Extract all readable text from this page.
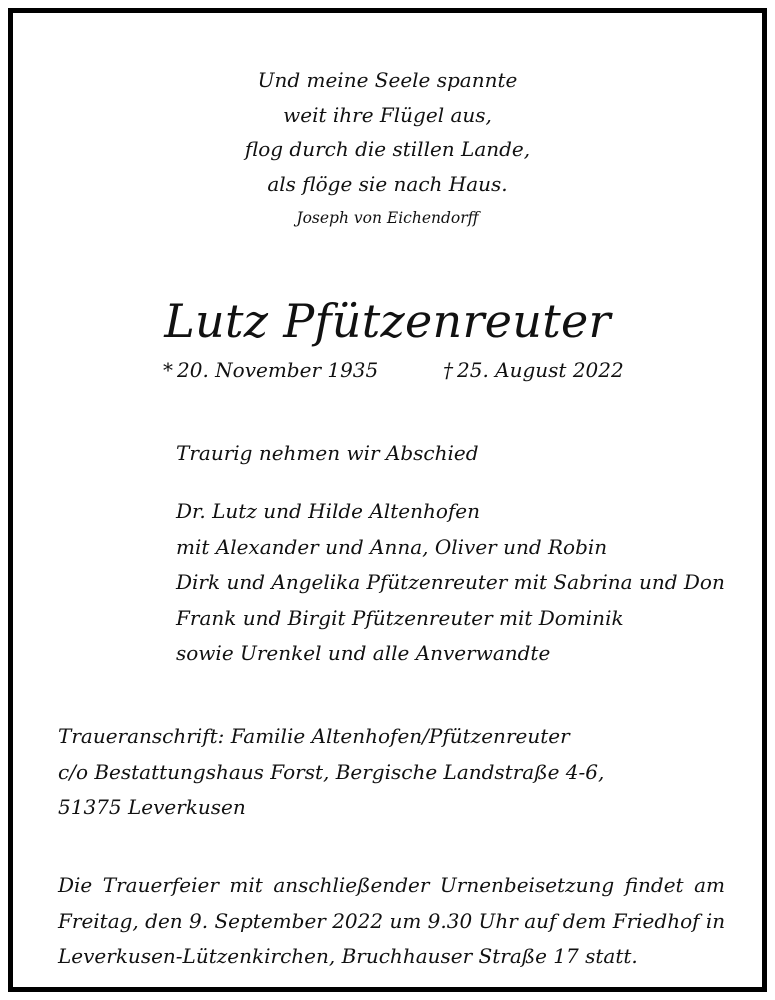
Und meine Seele spannte
weit ihre Flügel aus,
flog durch die stillen Lande,
als flöge sie nach Haus.
Joseph von Eichendorff
Lutz Pfützenreuter
* 20. November 1935	† 25. August 2022
Traurig nehmen wir Abschied
Dr. Lutz und Hilde Altenhofen
mit Alexander und Anna, Oliver und Robin
Dirk und Angelika Pfützenreuter mit Sabrina und Don
Frank und Birgit Pfützenreuter mit Dominik
sowie Urenkel und alle Anverwandte
Traueranschrift: Familie Altenhofen/Pfützenreuter
c/o Bestattungshaus Forst, Bergische Landstraße 4-6,
51375 Leverkusen
Die Trauerfeier mit anschließender Urnenbeisetzung findet am
Freitag, den 9. September 2022 um 9.30 Uhr auf dem Friedhof in
Leverkusen-Lützenkirchen, Bruchhauser Straße 17 statt.
